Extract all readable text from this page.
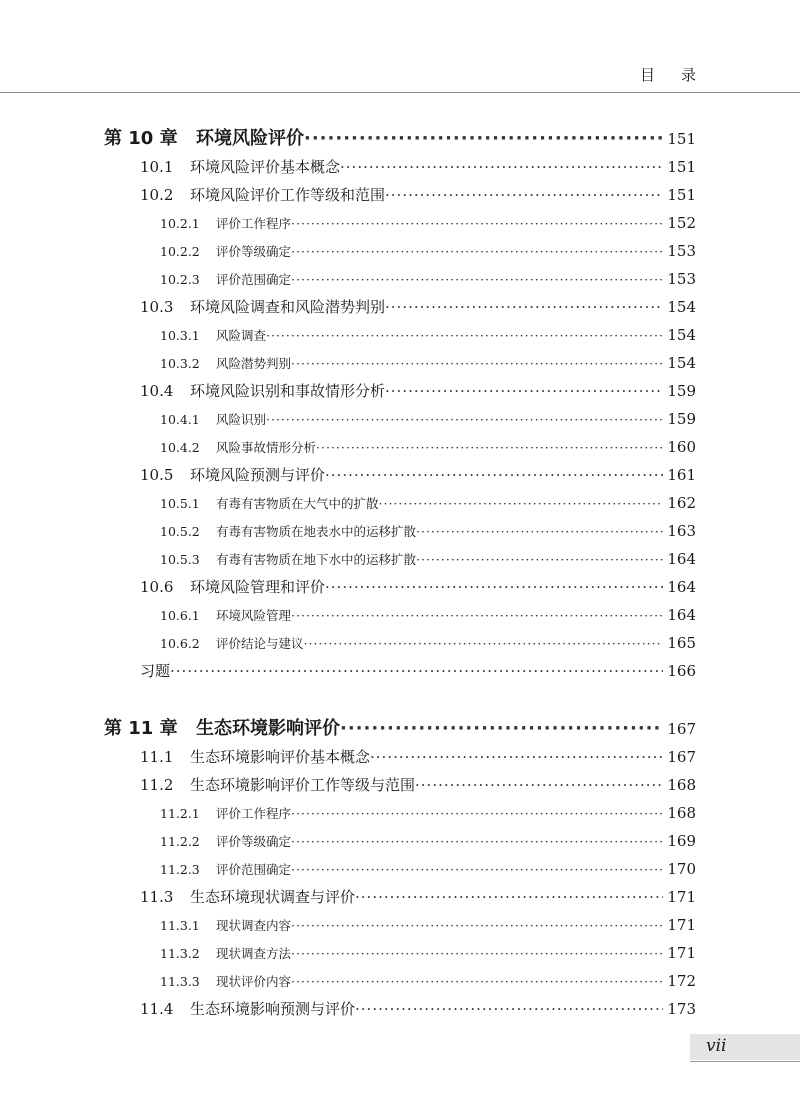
目录
第 10 章	环境风险评价 ·····	151
10.1	环境风险评价基本概念 ·····	151
10.2	环境风险评价工作等级和范围 ·····	151
10.2.1	评价工作程序 ·····	152
10.2.2	评价等级确定 ·····	153
10.2.3	评价范围确定 ·····	153
10.3	环境风险调查和风险潜势判别 ·····	154
10.3.1	风险调查 ·····	154
10.3.2	风险潜势判别 ·····	154
10.4	环境风险识别和事故情形分析 ·····	159
10.4.1	风险识别 ·····	159
10.4.2	风险事故情形分析 ·····	160
10.5	环境风险预测与评价 ·····	161
10.5.1	有毒有害物质在大气中的扩散 ·····	162
10.5.2	有毒有害物质在地表水中的运移扩散 ·····	163
10.5.3	有毒有害物质在地下水中的运移扩散 ·····	164
10.6	环境风险管理和评价 ·····	164
10.6.1	环境风险管理 ·····	164
10.6.2	评价结论与建议 ·····	165
习题 ·····	166
第 11 章	生态环境影响评价 ·····	167
11.1	生态环境影响评价基本概念 ·····	167
11.2	生态环境影响评价工作等级与范围 ·····	168
11.2.1	评价工作程序 ·····	168
11.2.2	评价等级确定 ·····	169
11.2.3	评价范围确定 ·····	170
11.3	生态环境现状调查与评价 ·····	171
11.3.1	现状调查内容 ·····	171
11.3.2	现状调查方法 ·····	171
11.3.3	现状评价内容 ·····	172
11.4	生态环境影响预测与评价 ·····	173
vii
